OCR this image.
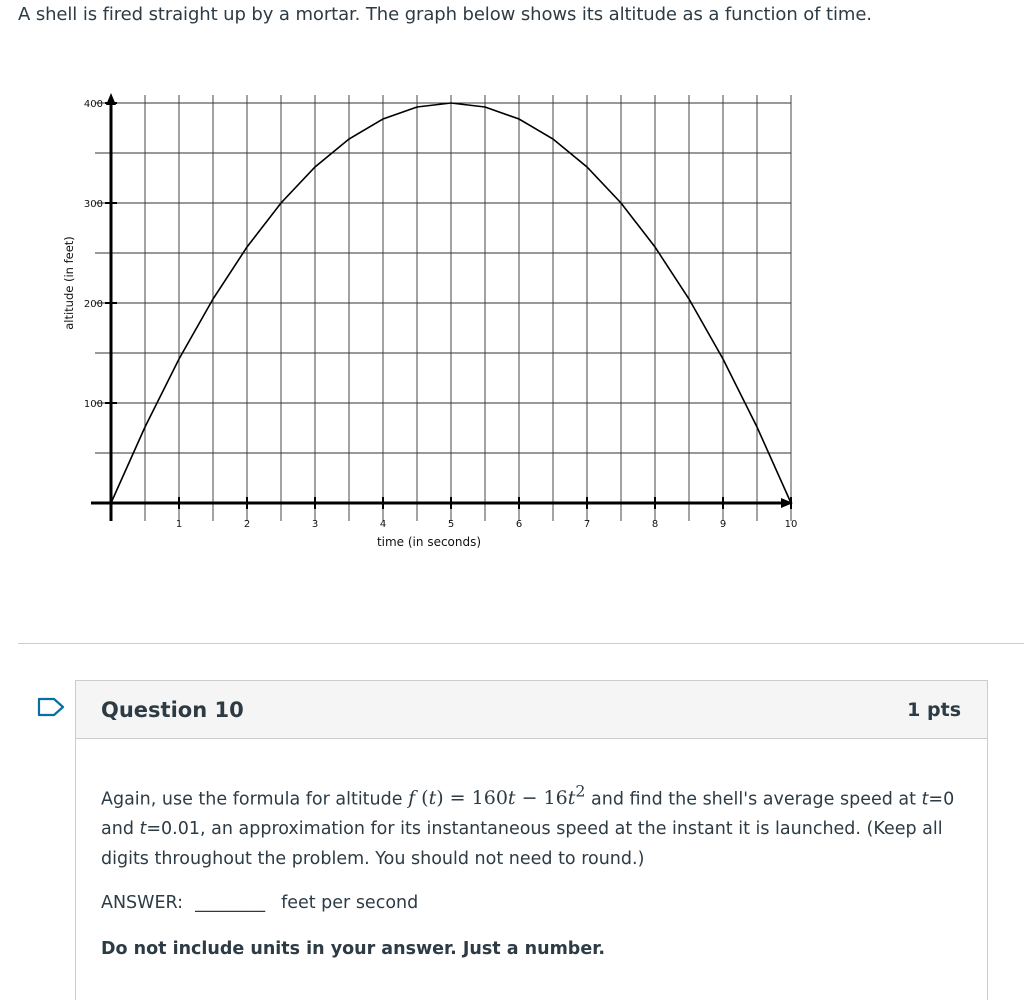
A shell is fired straight up by a mortar. The graph below shows its altitude as a function of time.

1	2	3	4	5	6	7	8	9	10
100
200
300
400
time (in seconds)
altitude (in feet)
Question 10	1 pts

Again, use the formula for altitude f $(t) = 160t - 16t^2$ and find the shell's average speed at t=0 and t=0.01, an approximation for its instantaneous speed at the instant it is launched. (Keep all digits throughout the problem. You should not need to round.)

ANSWER: ________ feet per second

Do not include units in your answer. Just a number.
